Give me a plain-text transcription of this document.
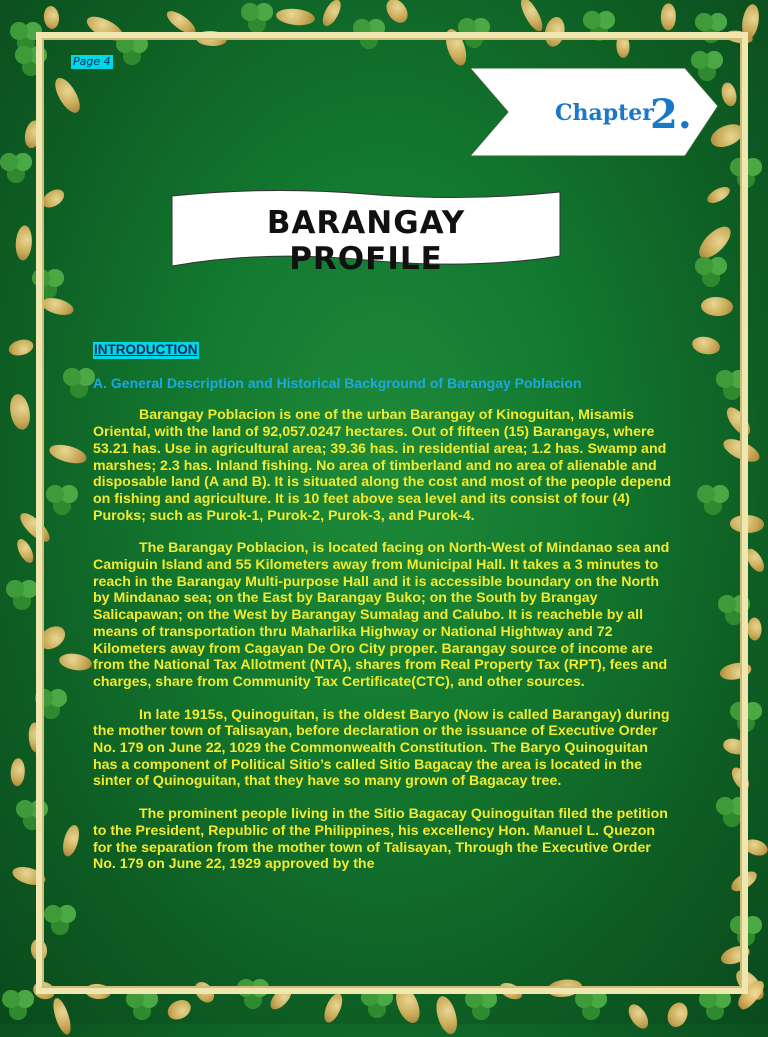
Page 4
Chapter
2.
BARANGAY
PROFILE
INTRODUCTION
A. General Description and Historical Background of Barangay Poblacion
Barangay Poblacion is one of the urban Barangay of Kinoguitan, Misamis Oriental, with the land of 92,057.0247 hectares. Out of fifteen (15) Barangays, where 53.21 has. Use in agricultural area; 39.36 has. in residential area; 1.2 has. Swamp and marshes; 2.3 has. Inland fishing. No area of timberland and no area of alienable and disposable land (A and B). It is situated along the cost and most of the people depend on fishing and agriculture. It is 10 feet above sea level and its consist of four (4) Puroks; such as Purok-1, Purok-2, Purok-3, and Purok-4.
The Barangay Poblacion, is located facing on North-West of Mindanao sea and Camiguin Island and 55 Kilometers away from Municipal Hall. It takes a 3 minutes to reach in the Barangay Multi-purpose Hall and it is accessible boundary on the North by Mindanao sea; on the East by Barangay Buko; on the South by Brangay Salicapawan; on the West by Barangay Sumalag and Calubo. It is reacheble by all means of transportation thru Maharlika Highway or National Hightway and 72 Kilometers away from Cagayan De Oro City proper. Barangay source of income are from the National Tax Allotment (NTA), shares from Real Property Tax (RPT), fees and charges, share from Community Tax Certificate(CTC), and other sources.
In late 1915s, Quinoguitan, is the oldest Baryo (Now is called Barangay) during the mother town of Talisayan, before declaration or the issuance of Executive Order No. 179 on June 22, 1029 the Commonwealth Constitution. The Baryo Quinoguitan has a component of Political Sitio’s called Sitio Bagacay the area is located in the sinter of Quinoguitan, that they have so many grown of Bagacay tree.
The prominent people living in the Sitio Bagacay Quinoguitan filed the petition to the President, Republic of the Philippines, his excellency Hon. Manuel L. Quezon for the separation from the mother town of Talisayan, Through the Executive Order No. 179 on June 22, 1929 approved by the
